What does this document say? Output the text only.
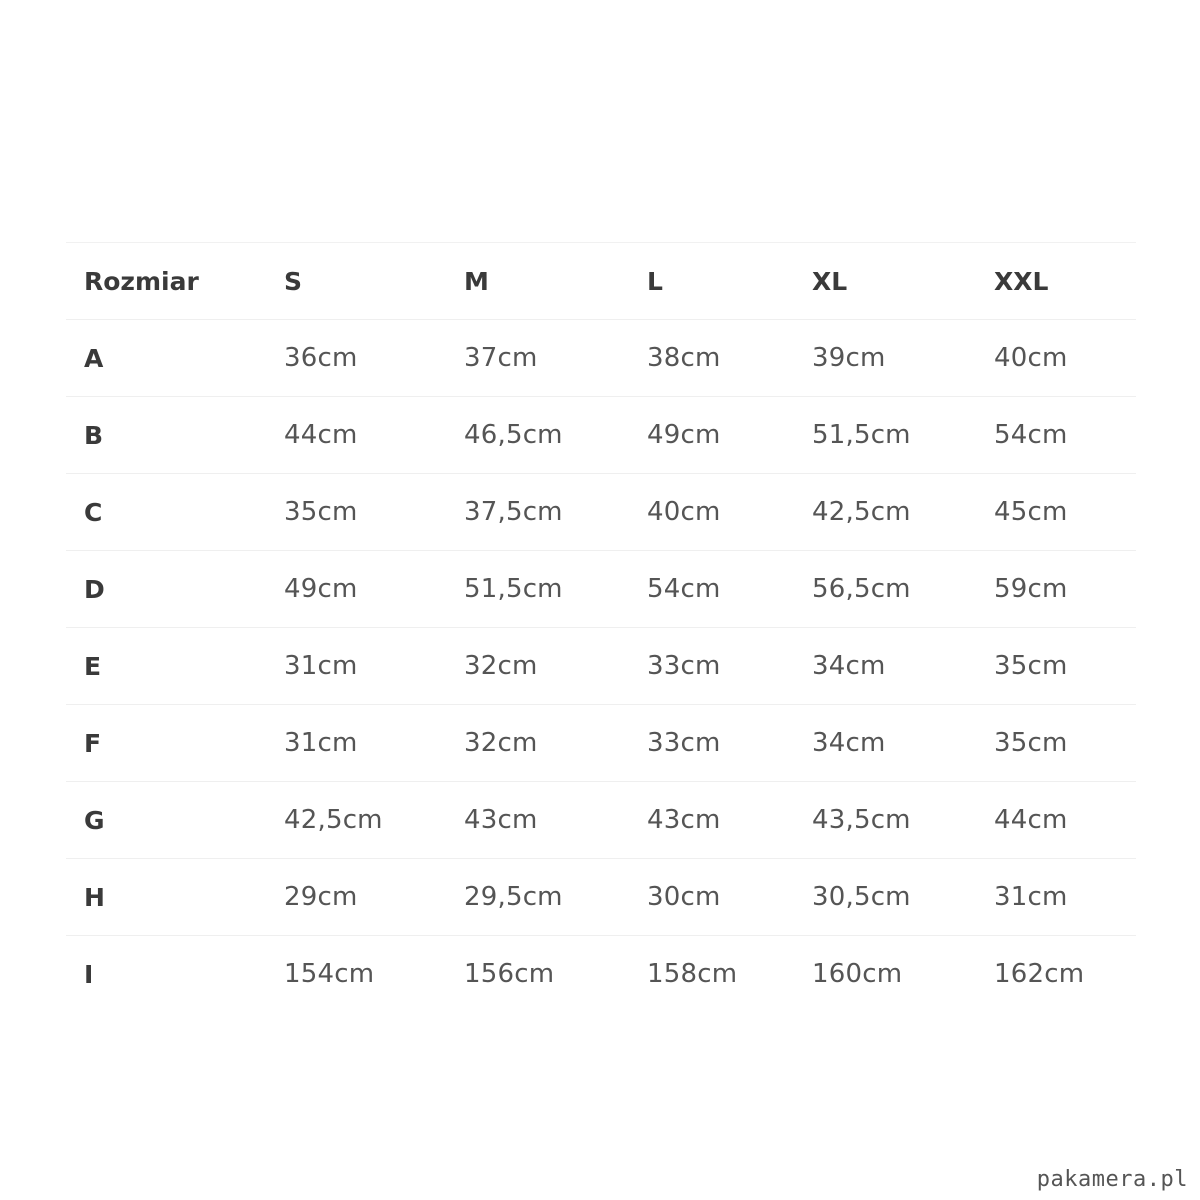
Rozmiar	S	M	L	XL	XXL
A	36cm	37cm	38cm	39cm	40cm
B	44cm	46,5cm	49cm	51,5cm	54cm
C	35cm	37,5cm	40cm	42,5cm	45cm
D	49cm	51,5cm	54cm	56,5cm	59cm
E	31cm	32cm	33cm	34cm	35cm
F	31cm	32cm	33cm	34cm	35cm
G	42,5cm	43cm	43cm	43,5cm	44cm
H	29cm	29,5cm	30cm	30,5cm	31cm
I	154cm	156cm	158cm	160cm	162cm
pakamera.pl
